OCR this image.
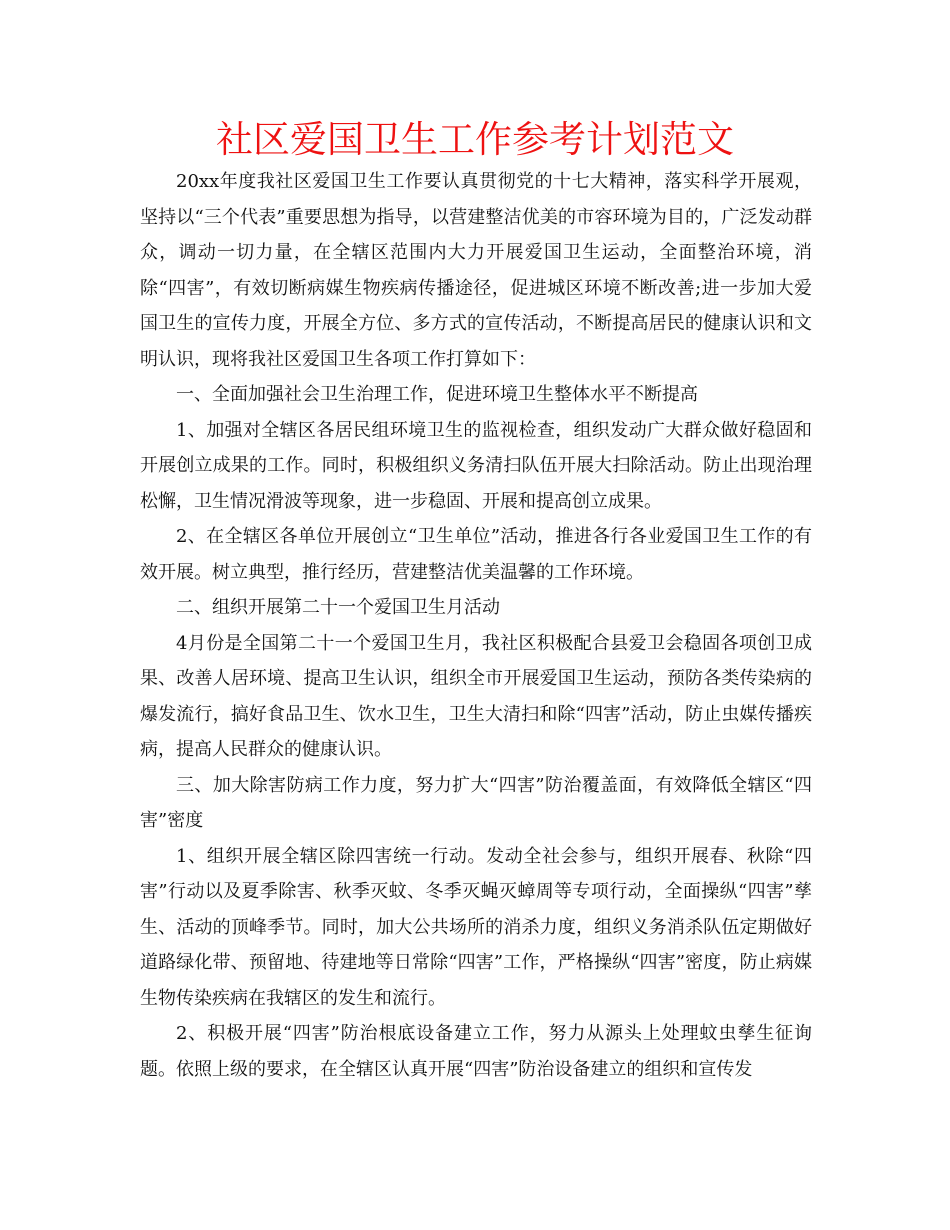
社区爱国卫生工作参考计划范文

20xx年度我社区爱国卫生工作要认真贯彻党的十七大精神，落实科学开展观，坚持以“三个代表”重要思想为指导，以营建整洁优美的市容环境为目的，广泛发动群众，调动一切力量，在全辖区范围内大力开展爱国卫生运动，全面整治环境，消除“四害”，有效切断病媒生物疾病传播途径，促进城区环境不断改善;进一步加大爱国卫生的宣传力度，开展全方位、多方式的宣传活动，不断提高居民的健康认识和文明认识，现将我社区爱国卫生各项工作打算如下：

一、全面加强社会卫生治理工作，促进环境卫生整体水平不断提高

1、加强对全辖区各居民组环境卫生的监视检查，组织发动广大群众做好稳固和开展创立成果的工作。同时，积极组织义务清扫队伍开展大扫除活动。防止出现治理松懈，卫生情况滑波等现象，进一步稳固、开展和提高创立成果。

2、在全辖区各单位开展创立“卫生单位”活动，推进各行各业爱国卫生工作的有效开展。树立典型，推行经历，营建整洁优美温馨的工作环境。

二、组织开展第二十一个爱国卫生月活动

4月份是全国第二十一个爱国卫生月，我社区积极配合县爱卫会稳固各项创卫成果、改善人居环境、提高卫生认识，组织全市开展爱国卫生运动，预防各类传染病的爆发流行，搞好食品卫生、饮水卫生，卫生大清扫和除“四害”活动，防止虫媒传播疾病，提高人民群众的健康认识。

三、加大除害防病工作力度，努力扩大“四害”防治覆盖面，有效降低全辖区“四害”密度

1、组织开展全辖区除四害统一行动。发动全社会参与，组织开展春、秋除“四害”行动以及夏季除害、秋季灭蚊、冬季灭蝇灭蟑周等专项行动，全面操纵“四害”孳生、活动的顶峰季节。同时，加大公共场所的消杀力度，组织义务消杀队伍定期做好道路绿化带、预留地、待建地等日常除“四害”工作，严格操纵“四害”密度，防止病媒生物传染疾病在我辖区的发生和流行。

2、积极开展“四害”防治根底设备建立工作，努力从源头上处理蚊虫孳生征询题。依照上级的要求，在全辖区认真开展“四害”防治设备建立的组织和宣传发
